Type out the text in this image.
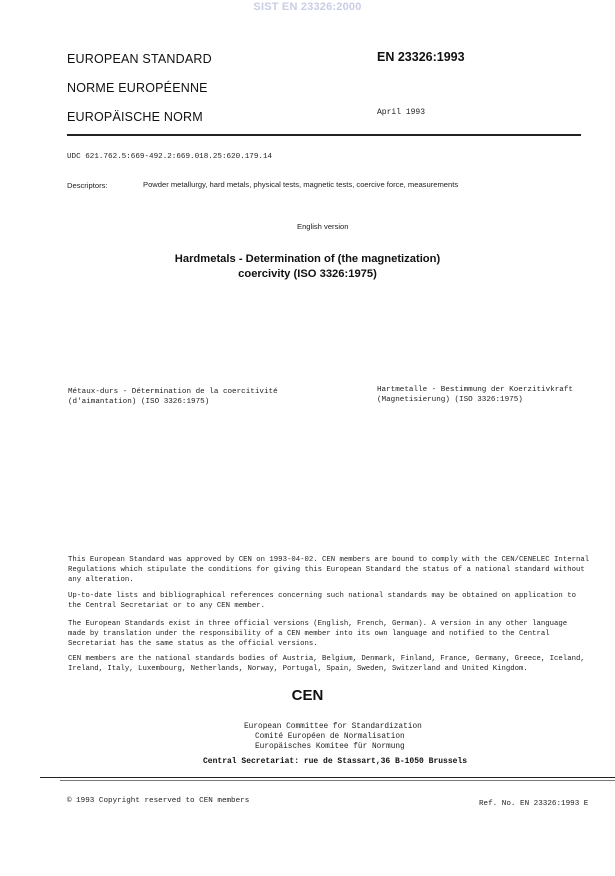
SIST EN 23326:2000
EUROPEAN STANDARD
NORME EUROPÉENNE
EUROPÄISCHE NORM
EN 23326:1993
April 1993
UDC 621.762.5:669-492.2:669.018.25:620.179.14
Descriptors:	Powder metallurgy, hard metals, physical tests, magnetic tests, coercive force, measurements
English version
Hardmetals - Determination of (the magnetization)
coercivity (ISO 3326:1975)
Métaux-durs - Détermination de la coercitivité
(d'aimantation) (ISO 3326:1975)
Hartmetalle - Bestimmung der Koerzitivkraft
(Magnetisierung) (ISO 3326:1975)
This European Standard was approved by CEN on 1993-04-02. CEN members are bound to comply with the CEN/CENELEC Internal
Regulations which stipulate the conditions for giving this European Standard the status of a national standard without
any alteration.
Up-to-date lists and bibliographical references concerning such national standards may be obtained on application to
the Central Secretariat or to any CEN member.
The European Standards exist in three official versions (English, French, German). A version in any other language
made by translation under the responsibility of a CEN member into its own language and notified to the Central
Secretariat has the same status as the official versions.
CEN members are the national standards bodies of Austria, Belgium, Denmark, Finland, France, Germany, Greece, Iceland,
Ireland, Italy, Luxembourg, Netherlands, Norway, Portugal, Spain, Sweden, Switzerland and United Kingdom.
CEN
European Committee for Standardization
Comité Européen de Normalisation
Europäisches Komitee für Normung
Central Secretariat: rue de Stassart,36 B-1050 Brussels
© 1993 Copyright reserved to CEN members	Ref. No. EN 23326:1993 E
